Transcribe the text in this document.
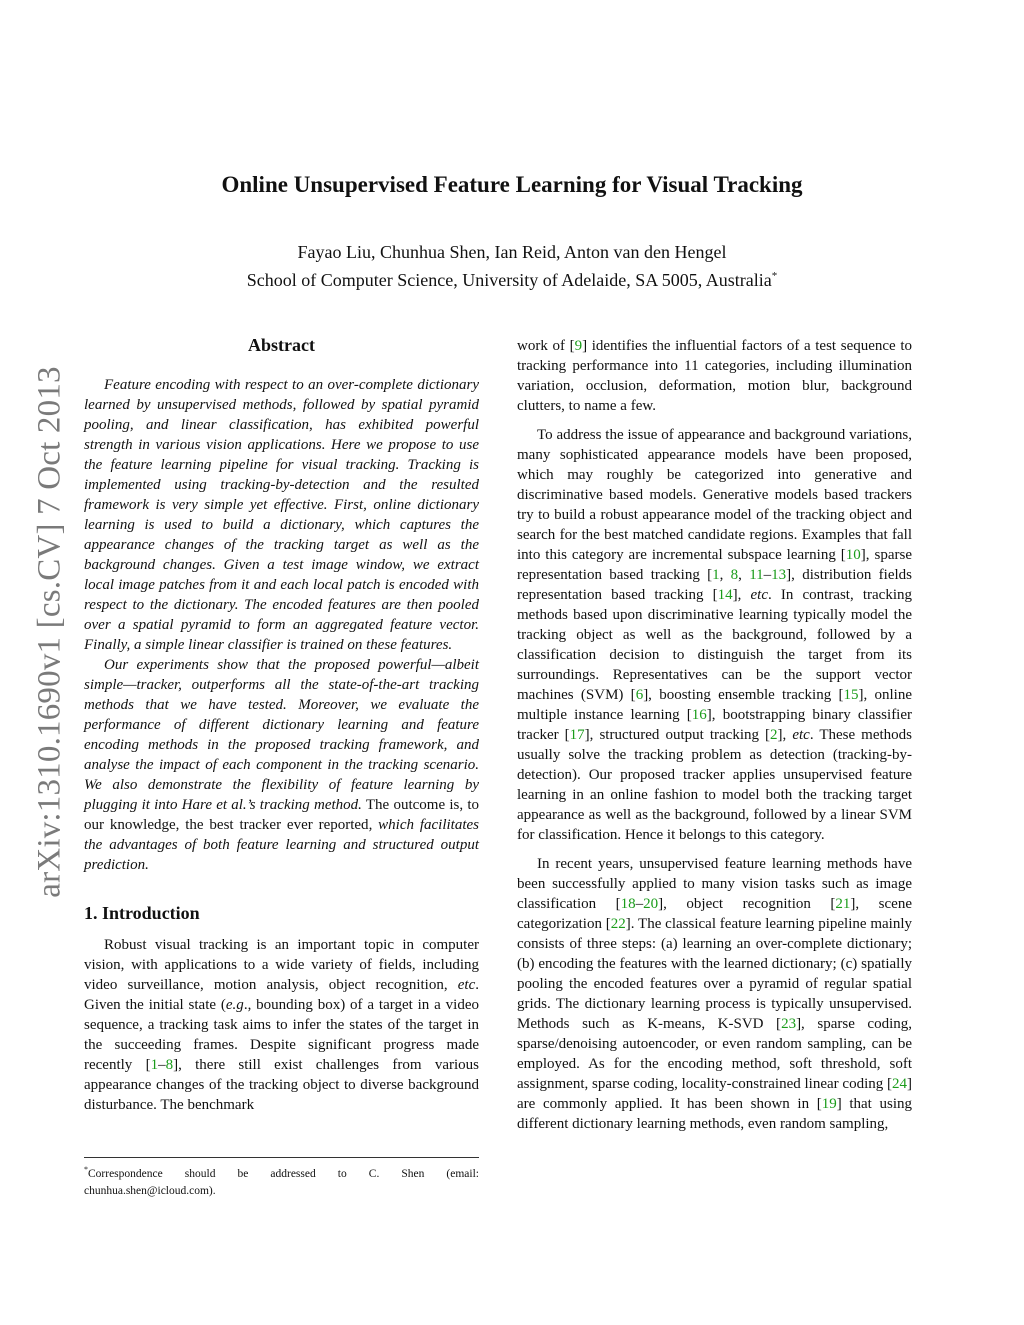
arXiv:1310.1690v1 [cs.CV] 7 Oct 2013
Online Unsupervised Feature Learning for Visual Tracking
Fayao Liu, Chunhua Shen, Ian Reid, Anton van den Hengel
School of Computer Science, University of Adelaide, SA 5005, Australia*
Abstract

Feature encoding with respect to an over-complete dictionary learned by unsupervised methods, followed by spatial pyramid pooling, and linear classification, has exhibited powerful strength in various vision applications. Here we propose to use the feature learning pipeline for visual tracking. Tracking is implemented using tracking-by-detection and the resulted framework is very simple yet effective. First, online dictionary learning is used to build a dictionary, which captures the appearance changes of the tracking target as well as the background changes. Given a test image window, we extract local image patches from it and each local patch is encoded with respect to the dictionary. The encoded features are then pooled over a spatial pyramid to form an aggregated feature vector. Finally, a simple linear classifier is trained on these features.

Our experiments show that the proposed powerful—albeit simple—tracker, outperforms all the state-of-the-art tracking methods that we have tested. Moreover, we evaluate the performance of different dictionary learning and feature encoding methods in the proposed tracking framework, and analyse the impact of each component in the tracking scenario. We also demonstrate the flexibility of feature learning by plugging it into Hare et al.’s tracking method. The outcome is, to our knowledge, the best tracker ever reported, which facilitates the advantages of both feature learning and structured output prediction.

1. Introduction

Robust visual tracking is an important topic in computer vision, with applications to a wide variety of fields, including video surveillance, motion analysis, object recognition, etc. Given the initial state (e.g., bounding box) of a target in a video sequence, a tracking task aims to infer the states of the target in the succeeding frames. Despite significant progress made recently [1–8], there still exist challenges from various appearance changes of the tracking object to diverse background disturbance. The benchmark

*Correspondence should be addressed to C. Shen (email: chunhua.shen@icloud.com).

work of [9] identifies the influential factors of a test sequence to tracking performance into 11 categories, including illumination variation, occlusion, deformation, motion blur, background clutters, to name a few.

To address the issue of appearance and background variations, many sophisticated appearance models have been proposed, which may roughly be categorized into generative and discriminative based models. Generative models based trackers try to build a robust appearance model of the tracking object and search for the best matched candidate regions. Examples that fall into this category are incremental subspace learning [10], sparse representation based tracking [1, 8, 11–13], distribution fields representation based tracking [14], etc. In contrast, tracking methods based upon discriminative learning typically model the tracking object as well as the background, followed by a classification decision to distinguish the target from its surroundings. Representatives can be the support vector machines (SVM) [6], boosting ensemble tracking [15], online multiple instance learning [16], bootstrapping binary classifier tracker [17], structured output tracking [2], etc. These methods usually solve the tracking problem as detection (tracking-by-detection). Our proposed tracker applies unsupervised feature learning in an online fashion to model both the tracking target appearance as well as the background, followed by a linear SVM for classification. Hence it belongs to this category.

In recent years, unsupervised feature learning methods have been successfully applied to many vision tasks such as image classification [18–20], object recognition [21], scene categorization [22]. The classical feature learning pipeline mainly consists of three steps: (a) learning an over-complete dictionary; (b) encoding the features with the learned dictionary; (c) spatially pooling the encoded features over a pyramid of regular spatial grids. The dictionary learning process is typically unsupervised. Methods such as K-means, K-SVD [23], sparse coding, sparse/denoising autoencoder, or even random sampling, can be employed. As for the encoding method, soft threshold, soft assignment, sparse coding, locality-constrained linear coding [24] are commonly applied. It has been shown in [19] that using different dictionary learning methods, even random sampling,
